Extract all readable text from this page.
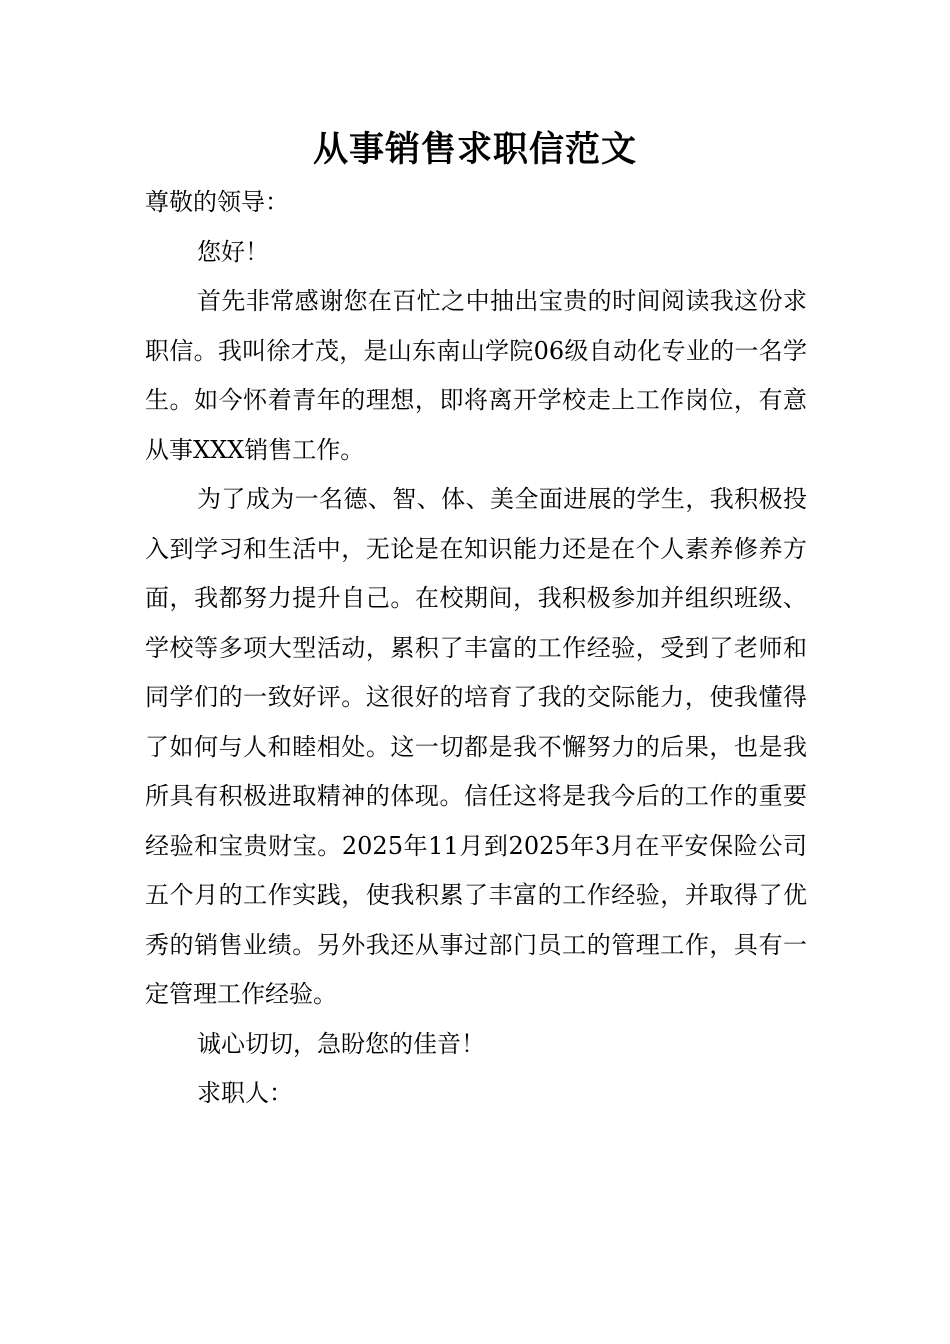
从事销售求职信范文

尊敬的领导：

您好！

首先非常感谢您在百忙之中抽出宝贵的时间阅读我这份求职信。我叫徐才茂，是山东南山学院06级自动化专业的一名学生。如今怀着青年的理想，即将离开学校走上工作岗位，有意从事XXX销售工作。

为了成为一名德、智、体、美全面进展的学生，我积极投入到学习和生活中，无论是在知识能力还是在个人素养修养方面，我都努力提升自己。在校期间，我积极参加并组织班级、学校等多项大型活动，累积了丰富的工作经验，受到了老师和同学们的一致好评。这很好的培育了我的交际能力，使我懂得了如何与人和睦相处。这一切都是我不懈努力的后果，也是我所具有积极进取精神的体现。信任这将是我今后的工作的重要经验和宝贵财宝。2025年11月到2025年3月在平安保险公司五个月的工作实践，使我积累了丰富的工作经验，并取得了优秀的销售业绩。另外我还从事过部门员工的管理工作，具有一定管理工作经验。

诚心切切，急盼您的佳音！

求职人：
